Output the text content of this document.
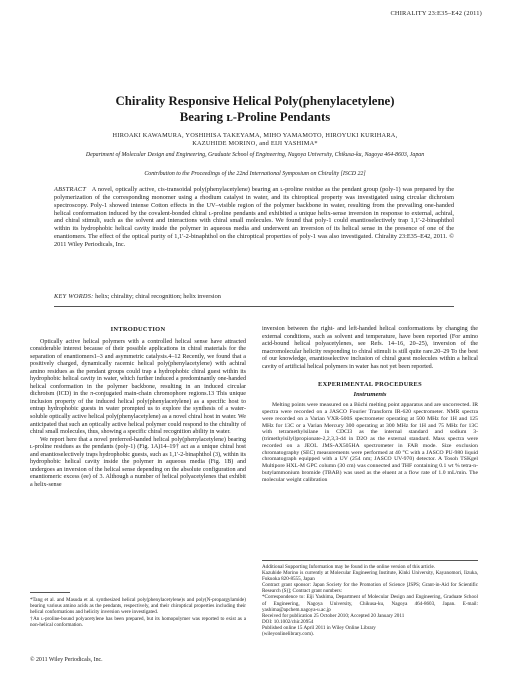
CHIRALITY 23:E35–E42 (2011)
Chirality Responsive Helical Poly(phenylacetylene)
Bearing ʟ-Proline Pendants
HIROAKI KAWAMURA, YOSHIHISA TAKEYAMA, MIHO YAMAMOTO, HIROYUKI KURIHARA,
KAZUHIDE MORINO, and EIJI YASHIMA*
Department of Molecular Design and Engineering, Graduate School of Engineering, Nagoya University, Chikusa-ku, Nagoya 464-8603, Japan
Contribution to the Proceedings of the 22nd International Symposium on Chirality [ISCD 22]
ABSTRACT A novel, optically active, cis-transoidal poly(phenylacetylene) bearing an ʟ-proline residue as the pendant group (poly-1) was prepared by the polymerization of the corresponding monomer using a rhodium catalyst in water, and its chiroptical property was investigated using circular dichroism spectroscopy. Poly-1 showed intense Cotton effects in the UV–visible region of the polymer backbone in water, resulting from the prevailing one-handed helical conformation induced by the covalent-bonded chiral ʟ-proline pendants and exhibited a unique helix-sense inversion in response to external, achiral, and chiral stimuli, such as the solvent and interactions with chiral small molecules. We found that poly-1 could enantioselectively trap 1,1′-2-binaphthol within its hydrophobic helical cavity inside the polymer in aqueous media and underwent an inversion of its helical sense in the presence of one of the enantiomers. The effect of the optical purity of 1,1′-2-binaphthol on the chiroptical properties of poly-1 was also investigated. Chirality 23:E35–E42, 2011. © 2011 Wiley Periodicals, Inc.
KEY WORDS: helix; chirality; chiral recognition; helix inversion
INTRODUCTION

Optically active helical polymers with a controlled helical sense have attracted considerable interest because of their possible applications in chiral materials for the separation of enantiomers1–3 and asymmetric catalysis.4–12 Recently, we found that a positively charged, dynamically racemic helical poly(phenylacetylene) with achiral amino residues as the pendant groups could trap a hydrophobic chiral guest within its hydrophobic helical cavity in water, which further induced a predominantly one-handed helical conformation in the polymer backbone, resulting in an induced circular dichroism (ICD) in the π-conjugated main-chain chromophore regions.13 This unique inclusion property of the induced helical poly(phenylacetylene) as a specific host to entrap hydrophobic guests in water prompted us to explore the synthesis of a water-soluble optically active helical poly(phenylacetylene) as a novel chiral host in water. We anticipated that such an optically active helical polymer could respond to the chirality of chiral small molecules, thus, showing a specific chiral recognition ability in water.

We report here that a novel preferred-handed helical poly(phenylacetylene) bearing ʟ-proline residues as the pendants (poly-1) (Fig. 1A)14–19† act as a unique chiral host and enantioselectively traps hydrophobic guests, such as 1,1′-2-binaphthol (3), within its hydrophobic helical cavity inside the polymer in aqueous media (Fig. 1B) and undergoes an inversion of the helical sense depending on the absolute configuration and enantiomeric excess (ee) of 3. Although a number of helical polyacetylenes that exhibit a helix-sense

inversion between the right- and left-handed helical conformations by changing the external conditions, such as solvent and temperature, have been reported (For amino acid-bound helical polyacetylenes, see Refs. 14–16, 20–25), inversion of the macromolecular helicity responding to chiral stimuli is still quite rare.20–29 To the best of our knowledge, enantioselective inclusion of chiral guest molecules within a helical cavity of artificial helical polymers in water has not yet been reported.

EXPERIMENTAL PROCEDURES
Instruments

Melting points were measured on a Büchi melting point apparatus and are uncorrected. IR spectra were recorded on a JASCO Fourier Transform IR-620 spectrometer. NMR spectra were recorded on a Varian VXR-500S spectrometer operating at 500 MHz for 1H and 125 MHz for 13C or a Varian Mercury 300 operating at 300 MHz for 1H and 75 MHz for 13C with tetramethylsilane in CDCl3 as the internal standard and sodium 3-(trimethylsilyl)propionate-2,2,3,3-d4 in D2O as the external standard. Mass spectra were recorded on a JEOL JMS-AX505HA spectrometer in FAB mode. Size exclusion chromatography (SEC) measurements were performed at 40 °C with a JASCO PU-980 liquid chromatograph equipped with a UV (254 nm; JASCO UV-970) detector. A Tosoh TSKgel Multipore HXL-M GPC column (30 cm) was connected and THF containing 0.1 wt % tetra-n-butylammonium bromide (TBAB) was used as the eluent at a flow rate of 1.0 mL/min. The molecular weight calibration

*Tang et al. and Masuda et al. synthesized helical poly(phenylacetylene)s and poly(N-propargylamide) bearing various amino acids as the pendants, respectively, and their chiroptical properties including their helical conformations and helicity inversion were investigated.

†An ʟ-proline-bound polyacetylene has been prepared, but its homopolymer was reported to exist as a non-helical conformation.

© 2011 Wiley Periodicals, Inc.

Additional Supporting Information may be found in the online version of this article.

Kazuhide Morino is currently at Molecular Engineering Institute, Kinki University, Kayanomori, Iizuka, Fukuoka 820-8555, Japan

Contract grant sponsor: Japan Society for the Promotion of Science [JSPS; Grant-in-Aid for Scientific Research (S)]; Contract grant numbers:

*Correspondence to: Eiji Yashima, Department of Molecular Design and Engineering, Graduate School of Engineering, Nagoya University, Chikusa-ku, Nagoya 464-8603, Japan. E-mail: yashima@apchem.nagoya-u.ac.jp

Received for publication 25 October 2010; Accepted 20 January 2011

DOI: 10.1002/chir.20954

Published online 15 April 2011 in Wiley Online Library

(wileyonlinelibrary.com).
